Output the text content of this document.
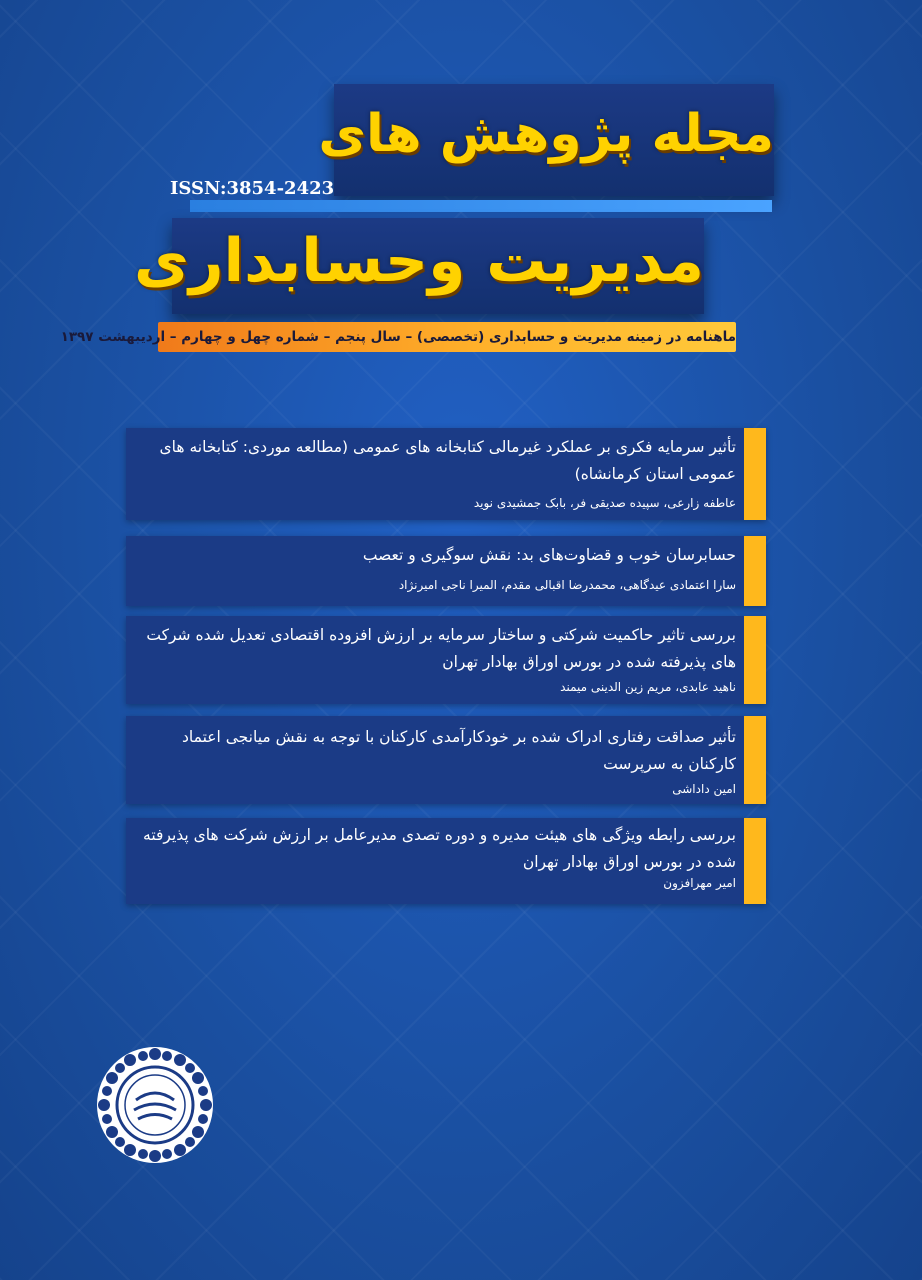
مجله پژوهش های
مدیریت وحسابداری
ISSN:3854-2423
ماهنامه در زمینه مدیریت و حسابداری (تخصصی) – سال پنجم – شماره چهل و چهارم – اردیبهشت ۱۳۹۷
تأثیر سرمایه فکری بر عملکرد غیرمالی کتابخانه های عمومی (مطالعه موردی: کتابخانه های عمومی استان کرمانشاه)
عاطفه زارعی، سپیده صدیقی فر، بابک جمشیدی نوید
حسابرسان خوب و قضاوت‌های بد: نقش سوگیری و تعصب
سارا اعتمادی عیدگاهی، محمدرضا اقبالی مقدم، المیرا ناجی امیرنژاد
بررسی تاثیر حاکمیت شرکتی و ساختار سرمایه بر ارزش افزوده اقتصادی تعدیل شده شرکت های پذیرفته شده در بورس اوراق بهادار تهران
ناهید عابدی، مریم زین الدینی میمند
تأثیر صداقت رفتاری ادراک شده بر خودکارآمدی کارکنان با توجه به نقش میانجی اعتماد کارکنان به سرپرست
امین داداشی
بررسی رابطه ویژگی های هیئت مدیره و دوره تصدی مدیرعامل بر ارزش شرکت های پذیرفته شده در بورس اوراق بهادار تهران
امیر مهرافزون
